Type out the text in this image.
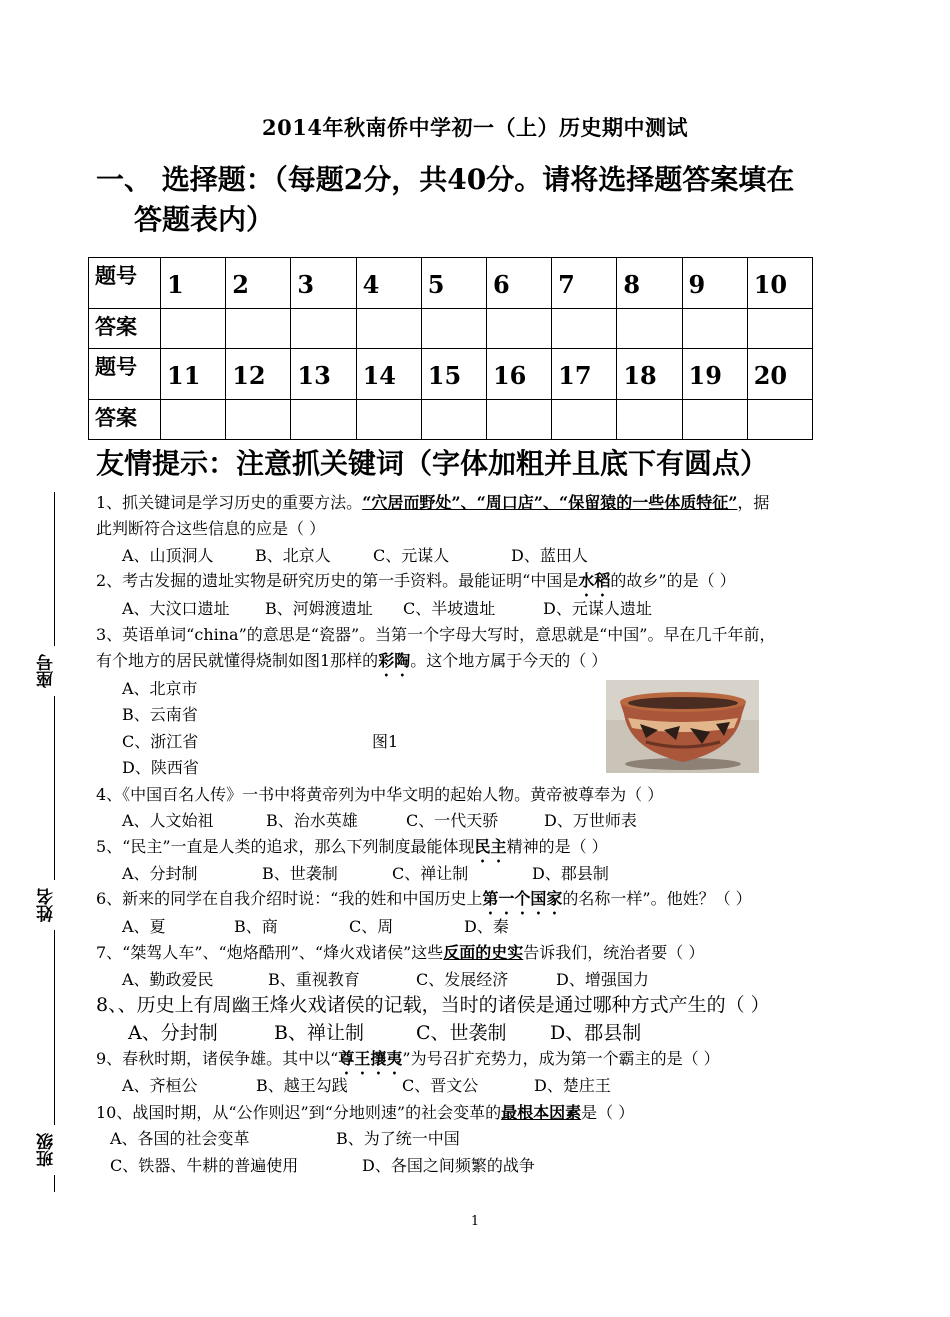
2014年秋南侨中学初一（上）历史期中测试
一、 选择题：（每题2分，共40分。请将选择题答案填在
答题表内）
题号	1	2	3	4	5	6	7	8	9	10

答案										
题号	11	12	13	14	15	16	17	18	19	20

答案										
友情提示：注意抓关键词（字体加粗并且底下有圆点）
座号
姓名
班级
1、抓关键词是学习历史的重要方法。“穴居而野处”、“周口店”、“保留猿的一些体质特征”，据
此判断符合这些信息的应是（ ）
A、山顶洞人	B、北京人	C、元谋人	D、蓝田人
2、考古发掘的遗址实物是研究历史的第一手资料。最能证明“中国是水稻的故乡”的是（ ）
A、大汶口遗址 B、河姆渡遗址 C、半坡遗址	D、元谋人遗址
3、英语单词“china”的意思是“瓷器”。当第一个字母大写时，意思就是“中国”。早在几千年前，
有个地方的居民就懂得烧制如图1那样的彩陶。这个地方属于今天的（ ）
A、北京市
B、云南省
C、浙江省
D、陕西省
图1
4、《中国百名人传》一书中将黄帝列为中华文明的起始人物。黄帝被尊奉为（ ）
A、人文始祖	B、治水英雄	C、一代天骄	D、万世师表
5、“民主”一直是人类的追求，那么下列制度最能体现民主精神的是（ ）
A、分封制	B、世袭制	C、禅让制	D、郡县制
6、新来的同学在自我介绍时说：“我的姓和中国历史上第一个国家的名称一样”。他姓？（ ）
A、夏	B、商	C、周	D、秦
7、“桀驾人车”、“炮烙酷刑”、“烽火戏诸侯”这些反面的史实告诉我们，统治者要（ ）
A、勤政爱民	B、重视教育	C、发展经济	D、增强国力
8、、历史上有周幽王烽火戏诸侯的记载，当时的诸侯是通过哪种方式产生的（ ）
A、分封制	B、禅让制	C、世袭制 D、郡县制
9、春秋时期，诸侯争雄。其中以“尊王攘夷”为号召扩充势力，成为第一个霸主的是（ ）
A、齐桓公	B、越王勾践	C、晋文公	D、楚庄王
10、战国时期，从“公作则迟”到“分地则速”的社会变革的最根本因素是（ ）
A、各国的社会变革	B、为了统一中国
C、铁器、牛耕的普遍使用	D、各国之间频繁的战争
1
